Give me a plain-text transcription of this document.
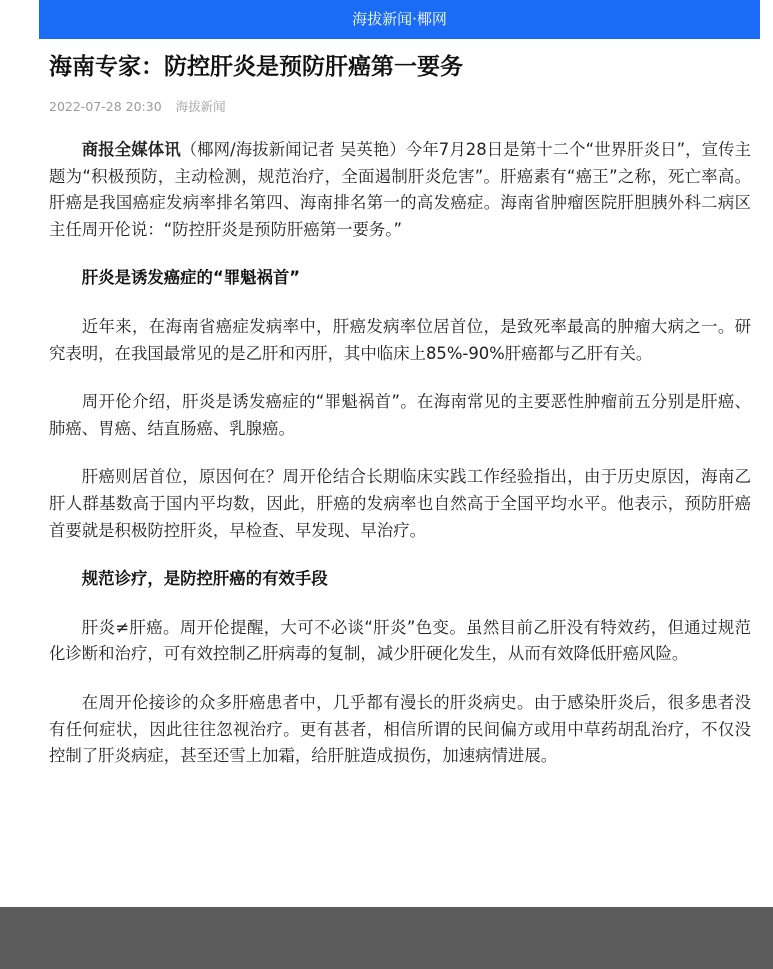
海拔新闻·椰网
海南专家：防控肝炎是预防肝癌第一要务
2022-07-28 20:30 海拔新闻

商报全媒体讯（椰网/海拔新闻记者 吴英艳）今年7月28日是第十二个“世界肝炎日”，宣传主题为“积极预防，主动检测，规范治疗，全面遏制肝炎危害”。肝癌素有“癌王”之称，死亡率高。肝癌是我国癌症发病率排名第四、海南排名第一的高发癌症。海南省肿瘤医院肝胆胰外科二病区主任周开伦说：“防控肝炎是预防肝癌第一要务。”

肝炎是诱发癌症的“罪魁祸首”

近年来，在海南省癌症发病率中，肝癌发病率位居首位，是致死率最高的肿瘤大病之一。研究表明，在我国最常见的是乙肝和丙肝，其中临床上85%-90%肝癌都与乙肝有关。

周开伦介绍，肝炎是诱发癌症的“罪魁祸首”。在海南常见的主要恶性肿瘤前五分别是肝癌、肺癌、胃癌、结直肠癌、乳腺癌。

肝癌则居首位，原因何在？周开伦结合长期临床实践工作经验指出，由于历史原因，海南乙肝人群基数高于国内平均数，因此，肝癌的发病率也自然高于全国平均水平。他表示，预防肝癌首要就是积极防控肝炎，早检查、早发现、早治疗。

规范诊疗，是防控肝癌的有效手段

肝炎≠肝癌。周开伦提醒，大可不必谈“肝炎”色变。虽然目前乙肝没有特效药，但通过规范化诊断和治疗，可有效控制乙肝病毒的复制，减少肝硬化发生，从而有效降低肝癌风险。

在周开伦接诊的众多肝癌患者中，几乎都有漫长的肝炎病史。由于感染肝炎后，很多患者没有任何症状，因此往往忽视治疗。更有甚者，相信所谓的民间偏方或用中草药胡乱治疗，不仅没控制了肝炎病症，甚至还雪上加霜，给肝脏造成损伤，加速病情进展。
